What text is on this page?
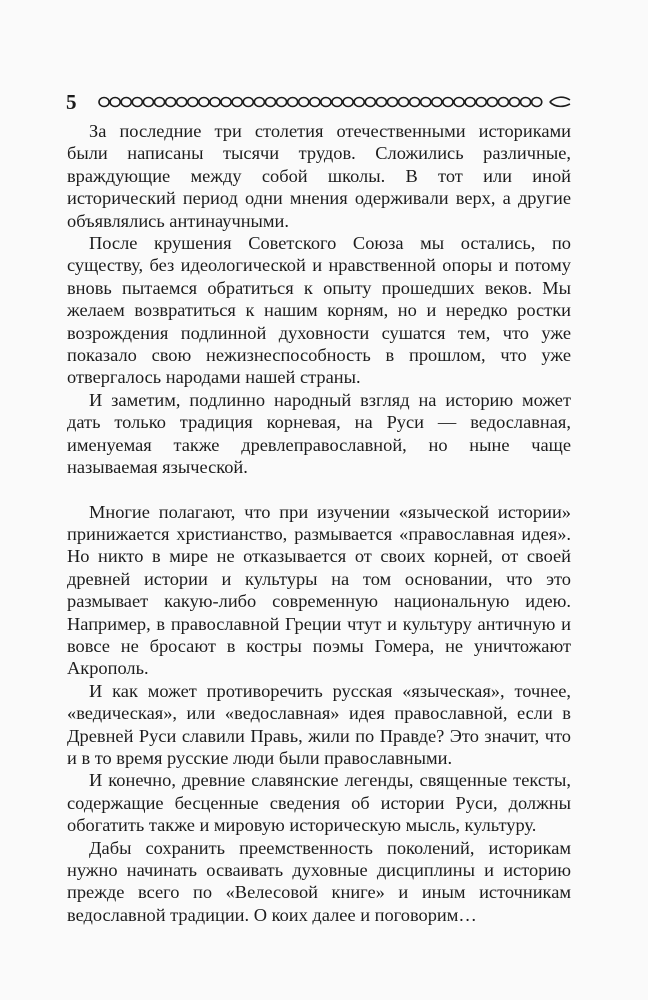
5

За последние три столетия отечественными историками были написаны тысячи трудов. Сложились различные, враждующие между собой школы. В тот или иной исторический период одни мнения одерживали верх, а другие объявлялись антинаучными.

После крушения Советского Союза мы остались, по существу, без идеологической и нравственной опоры и потому вновь пытаемся обратиться к опыту прошедших веков. Мы желаем возвратиться к нашим корням, но и нередко ростки возрождения подлинной духовности сушатся тем, что уже показало свою нежизнеспособность в прошлом, что уже отвергалось народами нашей страны.

И заметим, подлинно народный взгляд на историю может дать только традиция корневая, на Руси — ведославная, именуемая также древлеправославной, но ныне чаще называемая языческой.

Многие полагают, что при изучении «языческой истории» принижается христианство, размывается «православная идея». Но никто в мире не отказывается от своих корней, от своей древней истории и культуры на том основании, что это размывает какую-либо современную национальную идею. Например, в православной Греции чтут и культуру античную и вовсе не бросают в костры поэмы Гомера, не уничтожают Акрополь.

И как может противоречить русская «языческая», точнее, «ведическая», или «ведославная» идея православной, если в Древней Руси славили Правь, жили по Правде? Это значит, что и в то время русские люди были православными.

И конечно, древние славянские легенды, священные тексты, содержащие бесценные сведения об истории Руси, должны обогатить также и мировую историческую мысль, культуру.

Дабы сохранить преемственность поколений, историкам нужно начинать осваивать духовные дисциплины и историю прежде всего по «Велесовой книге» и иным источникам ведославной традиции. О коих далее и поговорим…
